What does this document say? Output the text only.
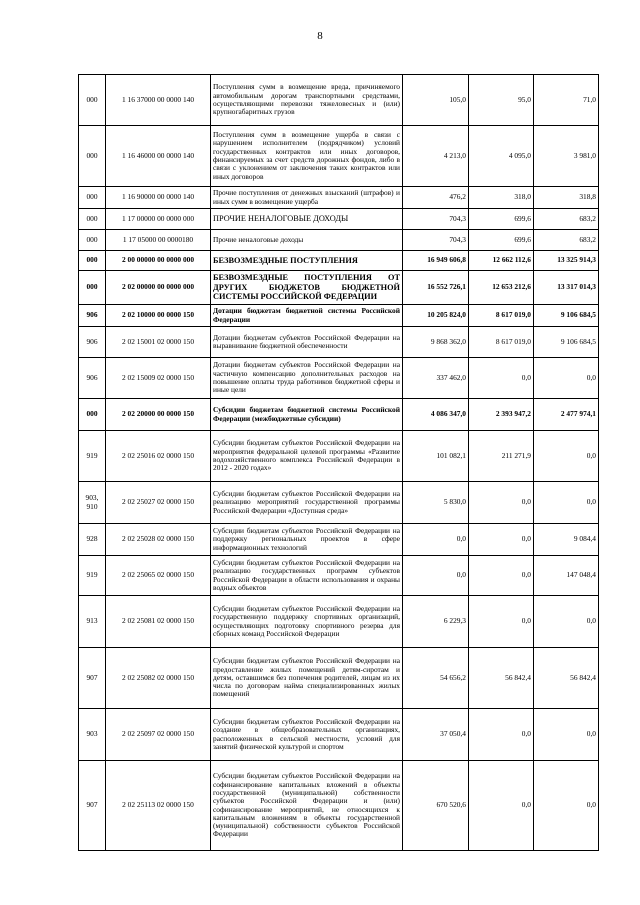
8
000	1 16 37000 00 0000 140	Поступления сумм в возмещение вреда, причиняемого автомобильным дорогам транспортными средствами, осуществляющими перевозки тяжеловесных и (или) крупногабаритных грузов	105,0	95,0	71,0
000	1 16 46000 00 0000 140	Поступления сумм в возмещение ущерба в связи с нарушением исполнителем (подрядчиком) условий государственных контрактов или иных договоров, финансируемых за счет средств дорожных фондов, либо в связи с уклонением от заключения таких контрактов или иных договоров	4 213,0	4 095,0	3 981,0
000	1 16 90000 00 0000 140	Прочие поступления от денежных взысканий (штрафов) и иных сумм в возмещение ущерба	476,2	318,0	318,8
000	1 17 00000 00 0000 000	ПРОЧИЕ НЕНАЛОГОВЫЕ ДОХОДЫ	704,3	699,6	683,2
000	1 17 05000 00 0000180	Прочие неналоговые доходы	704,3	699,6	683,2
000	2 00 00000 00 0000 000	БЕЗВОЗМЕЗДНЫЕ ПОСТУПЛЕНИЯ	16 949 606,8	12 662 112,6	13 325 914,3
000	2 02 00000 00 0000 000	БЕЗВОЗМЕЗДНЫЕ ПОСТУПЛЕНИЯ ОТ ДРУГИХ БЮДЖЕТОВ БЮДЖЕТНОЙ СИСТЕМЫ РОССИЙСКОЙ ФЕДЕРАЦИИ	16 552 726,1	12 653 212,6	13 317 014,3
906	2 02 10000 00 0000 150	Дотации бюджетам бюджетной системы Российской Федерации	10 205 824,0	8 617 019,0	9 106 684,5
906	2 02 15001 02 0000 150	Дотации бюджетам субъектов Российской Федерации на выравнивание бюджетной обеспеченности	9 868 362,0	8 617 019,0	9 106 684,5
906	2 02 15009 02 0000 150	Дотации бюджетам субъектов Российской Федерации на частичную компенсацию дополнительных расходов на повышение оплаты труда работников бюджетной сферы и иные цели	337 462,0	0,0	0,0
000	2 02 20000 00 0000 150	Субсидии бюджетам бюджетной системы Российской Федерации (межбюджетные субсидии)	4 086 347,0	2 393 947,2	2 477 974,1
919	2 02 25016 02 0000 150	Субсидии бюджетам субъектов Российской Федерации на мероприятия федеральной целевой программы «Развитие водохозяйственного комплекса Российской Федерации в 2012 - 2020 годах»	101 082,1	211 271,9	0,0
903, 910	2 02 25027 02 0000 150	Субсидии бюджетам субъектов Российской Федерации на реализацию мероприятий государственной программы Российской Федерации «Доступная среда»	5 830,0	0,0	0,0
928	2 02 25028 02 0000 150	Субсидии бюджетам субъектов Российской Федерации на поддержку региональных проектов в сфере информационных технологий	0,0	0,0	9 084,4
919	2 02 25065 02 0000 150	Субсидии бюджетам субъектов Российской Федерации на реализацию государственных программ субъектов Российской Федерации в области использования и охраны водных объектов	0,0	0,0	147 048,4
913	2 02 25081 02 0000 150	Субсидии бюджетам субъектов Российской Федерации на государственную поддержку спортивных организаций, осуществляющих подготовку спортивного резерва для сборных команд Российской Федерации	6 229,3	0,0	0,0
907	2 02 25082 02 0000 150	Субсидии бюджетам субъектов Российской Федерации на предоставление жилых помещений детям-сиротам и детям, оставшимся без попечения родителей, лицам из их числа по договорам найма специализированных жилых помещений	54 656,2	56 842,4	56 842,4
903	2 02 25097 02 0000 150	Субсидии бюджетам субъектов Российской Федерации на создание в общеобразовательных организациях, расположенных в сельской местности, условий для занятий физической культурой и спортом	37 050,4	0,0	0,0
907	2 02 25113 02 0000 150	Субсидии бюджетам субъектов Российской Федерации на софинансирование капитальных вложений в объекты государственной (муниципальной) собственности субъектов Российской Федерации и (или) софинансирование мероприятий, не относящихся к капитальным вложениям в объекты государственной (муниципальной) собственности субъектов Российской Федерации	670 520,6	0,0	0,0
